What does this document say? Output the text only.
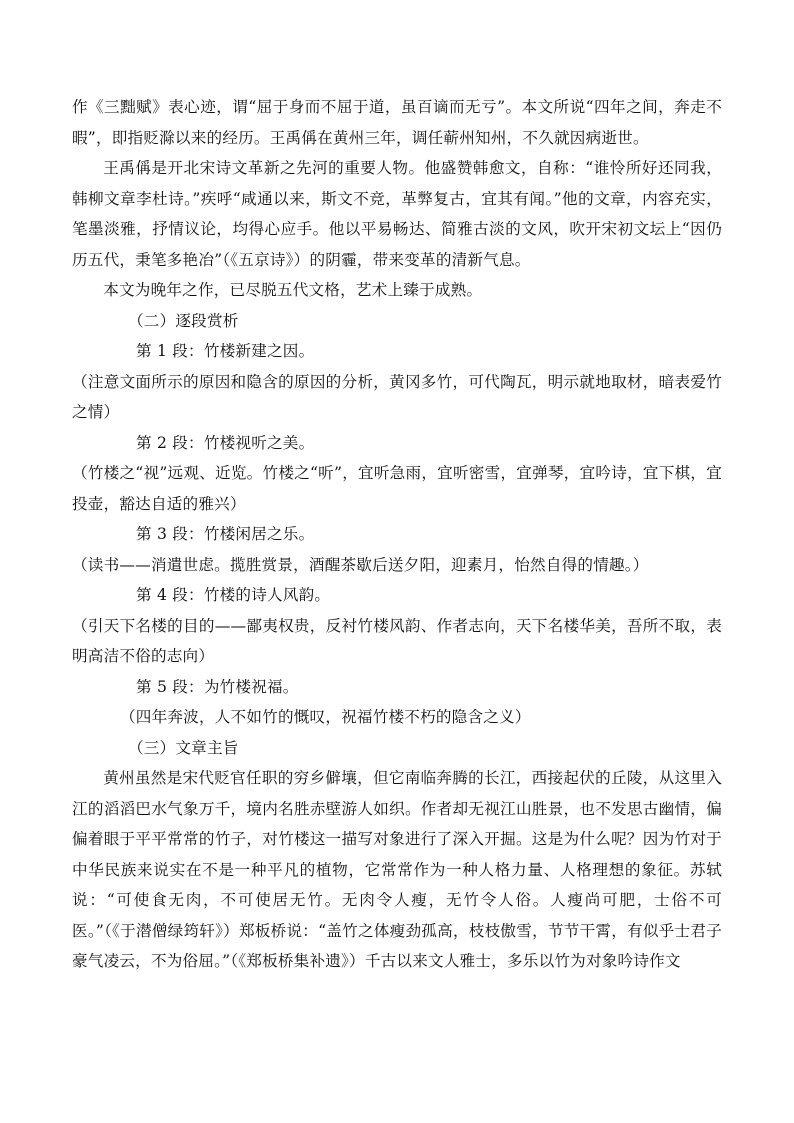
作《三黜赋》表心迹，谓“屈于身而不屈于道，虽百谪而无亏”。本文所说“四年之间，奔走不暇”，即指贬滁以来的经历。王禹偁在黄州三年，调任蕲州知州，不久就因病逝世。

王禹偁是开北宋诗文革新之先河的重要人物。他盛赞韩愈文，自称：“谁怜所好还同我，韩柳文章李杜诗。”疾呼“咸通以来，斯文不竞，革弊复古，宜其有闻。”他的文章，内容充实，笔墨淡雅，抒情议论，均得心应手。他以平易畅达、简雅古淡的文风，吹开宋初文坛上“因仍历五代，秉笔多艳冶”（《五京诗》）的阴霾，带来变革的清新气息。

本文为晚年之作，已尽脱五代文格，艺术上臻于成熟。

（二）逐段赏析

第 1 段：竹楼新建之因。

（注意文面所示的原因和隐含的原因的分析，黄冈多竹，可代陶瓦，明示就地取材，暗表爱竹之情）

第 2 段：竹楼视听之美。

（竹楼之“视”远观、近览。竹楼之“听”，宜听急雨，宜听密雪，宜弹琴，宜吟诗，宜下棋，宜投壶，豁达自适的雅兴）

第 3 段：竹楼闲居之乐。

（读书——消遣世虑。揽胜赏景，酒醒茶歇后送夕阳，迎素月，怡然自得的情趣。）

第 4 段：竹楼的诗人风韵。

（引天下名楼的目的——鄙夷权贵，反衬竹楼风韵、作者志向，天下名楼华美，吾所不取，表明高洁不俗的志向）

第 5 段：为竹楼祝福。

（四年奔波，人不如竹的慨叹，祝福竹楼不朽的隐含之义）

（三）文章主旨

黄州虽然是宋代贬官任职的穷乡僻壤，但它南临奔腾的长江，西接起伏的丘陵，从这里入江的滔滔巴水气象万千，境内名胜赤壁游人如织。作者却无视江山胜景，也不发思古幽情，偏偏着眼于平平常常的竹子，对竹楼这一描写对象进行了深入开掘。这是为什么呢？因为竹对于中华民族来说实在不是一种平凡的植物，它常常作为一种人格力量、人格理想的象征。苏轼说：“可使食无肉，不可使居无竹。无肉令人瘦，无竹令人俗。人瘦尚可肥，士俗不可医。”（《于潜僧绿筠轩》）郑板桥说：“盖竹之体瘦劲孤高，枝枝傲雪，节节干霄，有似乎士君子豪气凌云，不为俗屈。”（《郑板桥集补遗》）千古以来文人雅士，多乐以竹为对象吟诗作文
